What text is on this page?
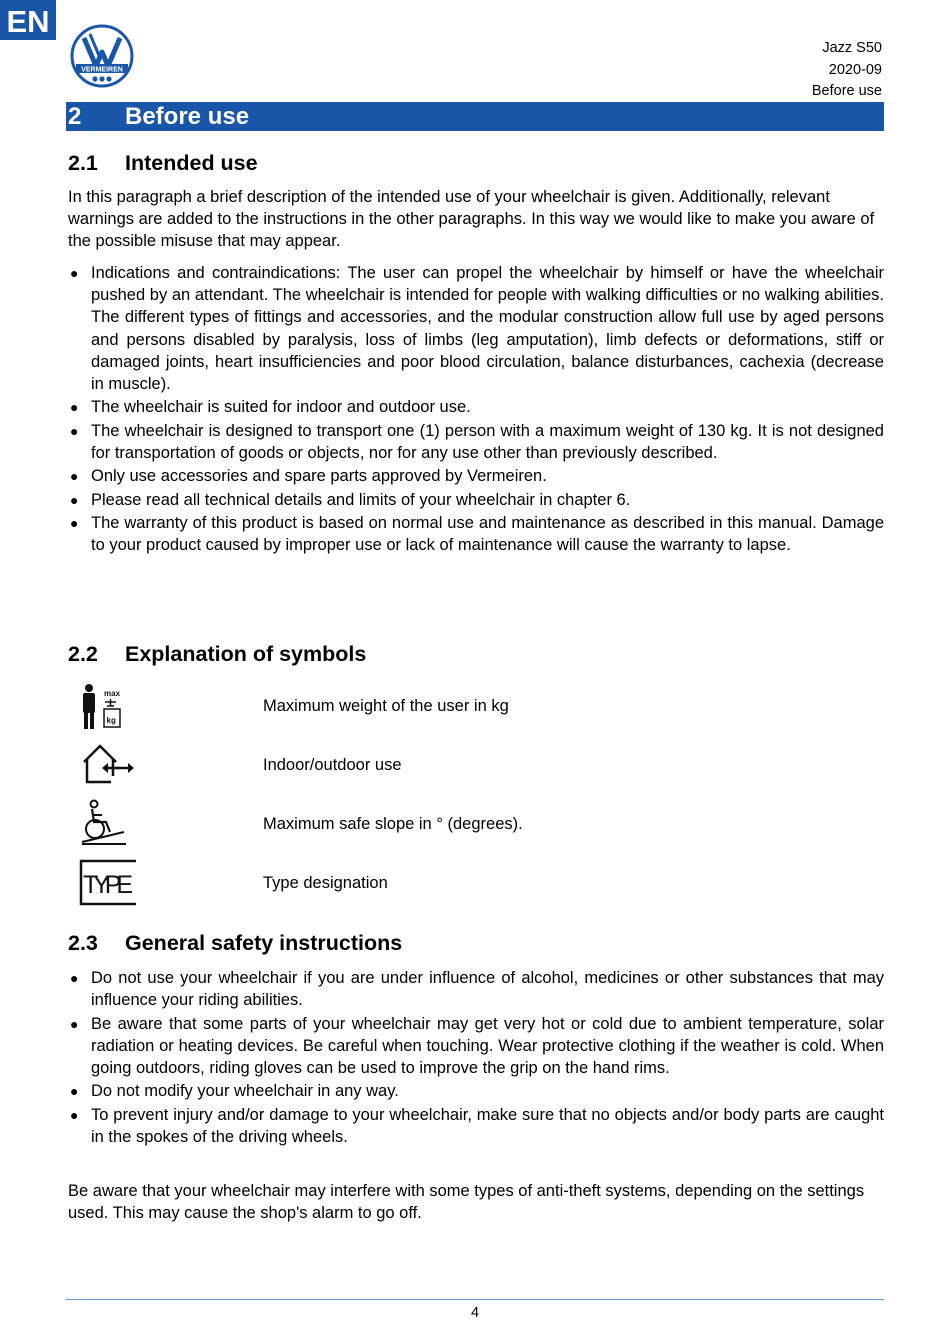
EN
VERMEIREN
Jazz S50
2020-09
Before use
2 Before use
2.1 Intended use

In this paragraph a brief description of the intended use of your wheelchair is given. Additionally, relevant warnings are added to the instructions in the other paragraphs. In this way we would like to make you aware of the possible misuse that may appear.

● Indications and contraindications: The user can propel the wheelchair by himself or have the wheelchair pushed by an attendant. The wheelchair is intended for people with walking difficulties or no walking abilities. The different types of fittings and accessories, and the modular construction allow full use by aged persons and persons disabled by paralysis, loss of limbs (leg amputation), limb defects or deformations, stiff or damaged joints, heart insufficiencies and poor blood circulation, balance disturbances, cachexia (decrease in muscle).
● The wheelchair is suited for indoor and outdoor use.
● The wheelchair is designed to transport one (1) person with a maximum weight of 130 kg. It is not designed for transportation of goods or objects, nor for any use other than previously described.
● Only use accessories and spare parts approved by Vermeiren.
● Please read all technical details and limits of your wheelchair in chapter 6.
● The warranty of this product is based on normal use and maintenance as described in this manual. Damage to your product caused by improper use or lack of maintenance will cause the warranty to lapse.
2.2 Explanation of symbols
max
kg
Maximum weight of the user in kg
Indoor/outdoor use
Maximum safe slope in ° (degrees).
TYPE	Type designation
2.3 General safety instructions
● Do not use your wheelchair if you are under influence of alcohol, medicines or other substances that may influence your riding abilities.
● Be aware that some parts of your wheelchair may get very hot or cold due to ambient temperature, solar radiation or heating devices. Be careful when touching. Wear protective clothing if the weather is cold. When going outdoors, riding gloves can be used to improve the grip on the hand rims.
● Do not modify your wheelchair in any way.
● To prevent injury and/or damage to your wheelchair, make sure that no objects and/or body parts are caught in the spokes of the driving wheels.

Be aware that your wheelchair may interfere with some types of anti-theft systems, depending on the settings used. This may cause the shop's alarm to go off.

4
